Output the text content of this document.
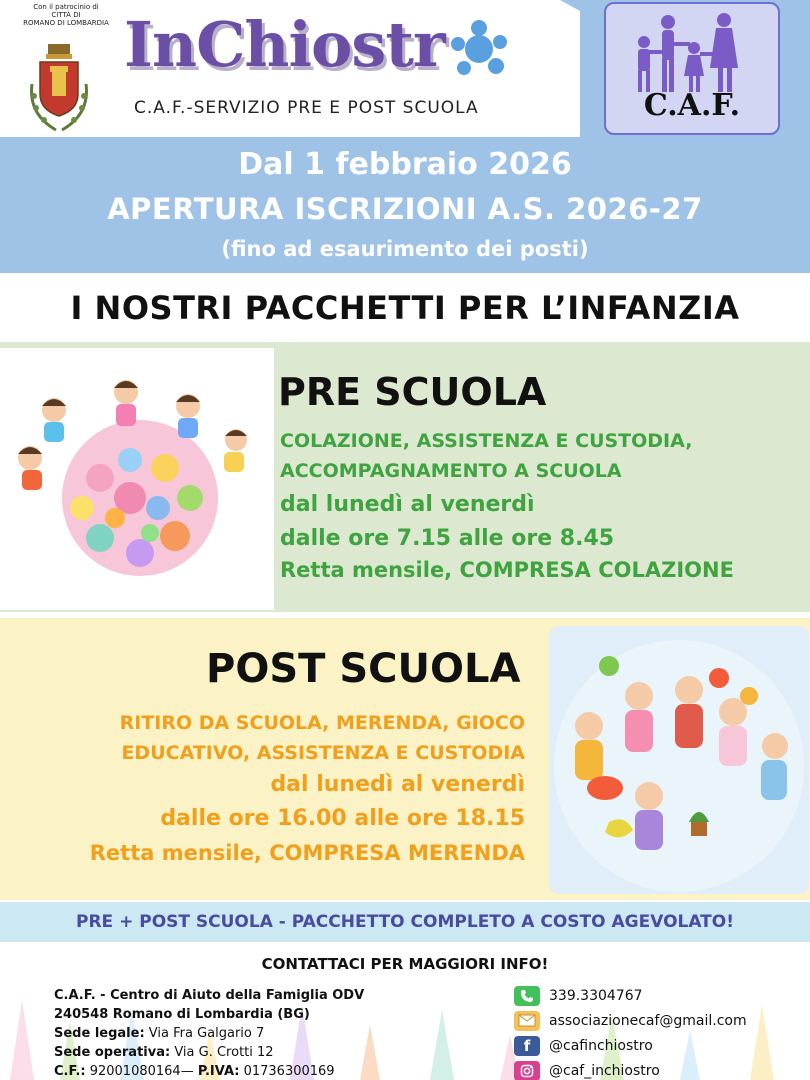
Con il patrocinio di
CITTÀ DI
ROMANO DI LOMBARDIA InChiostr
C.A.F.-SERVIZIO PRE E POST SCUOLA	C.A.F.
Dal 1 febbraio 2026
APERTURA ISCRIZIONI A.S. 2026-27
(fino ad esaurimento dei posti)
I NOSTRI PACCHETTI PER L’INFANZIA
PRE SCUOLA
COLAZIONE, ASSISTENZA E CUSTODIA,
ACCOMPAGNAMENTO A SCUOLA
dal lunedì al venerdì
dalle ore 7.15 alle ore 8.45
Retta mensile, COMPRESA COLAZIONE
POST SCUOLA
RITIRO DA SCUOLA, MERENDA, GIOCO
EDUCATIVO, ASSISTENZA E CUSTODIA
dal lunedì al venerdì
dalle ore 16.00 alle ore 18.15
Retta mensile, COMPRESA MERENDA
PRE + POST SCUOLA - PACCHETTO COMPLETO A COSTO AGEVOLATO!
CONTATTACI PER MAGGIORI INFO!
C.A.F. - Centro di Aiuto della Famiglia ODV
240548 Romano di Lombardia (BG)
Sede legale: Via Fra Galgario 7
Sede operativa: Via G. Crotti 12
C.F.: 92001080164— P.IVA: 01736300169
339.3304767
associazionecaf@gmail.com
f	@cafinchiostro
@caf_inchiostro
